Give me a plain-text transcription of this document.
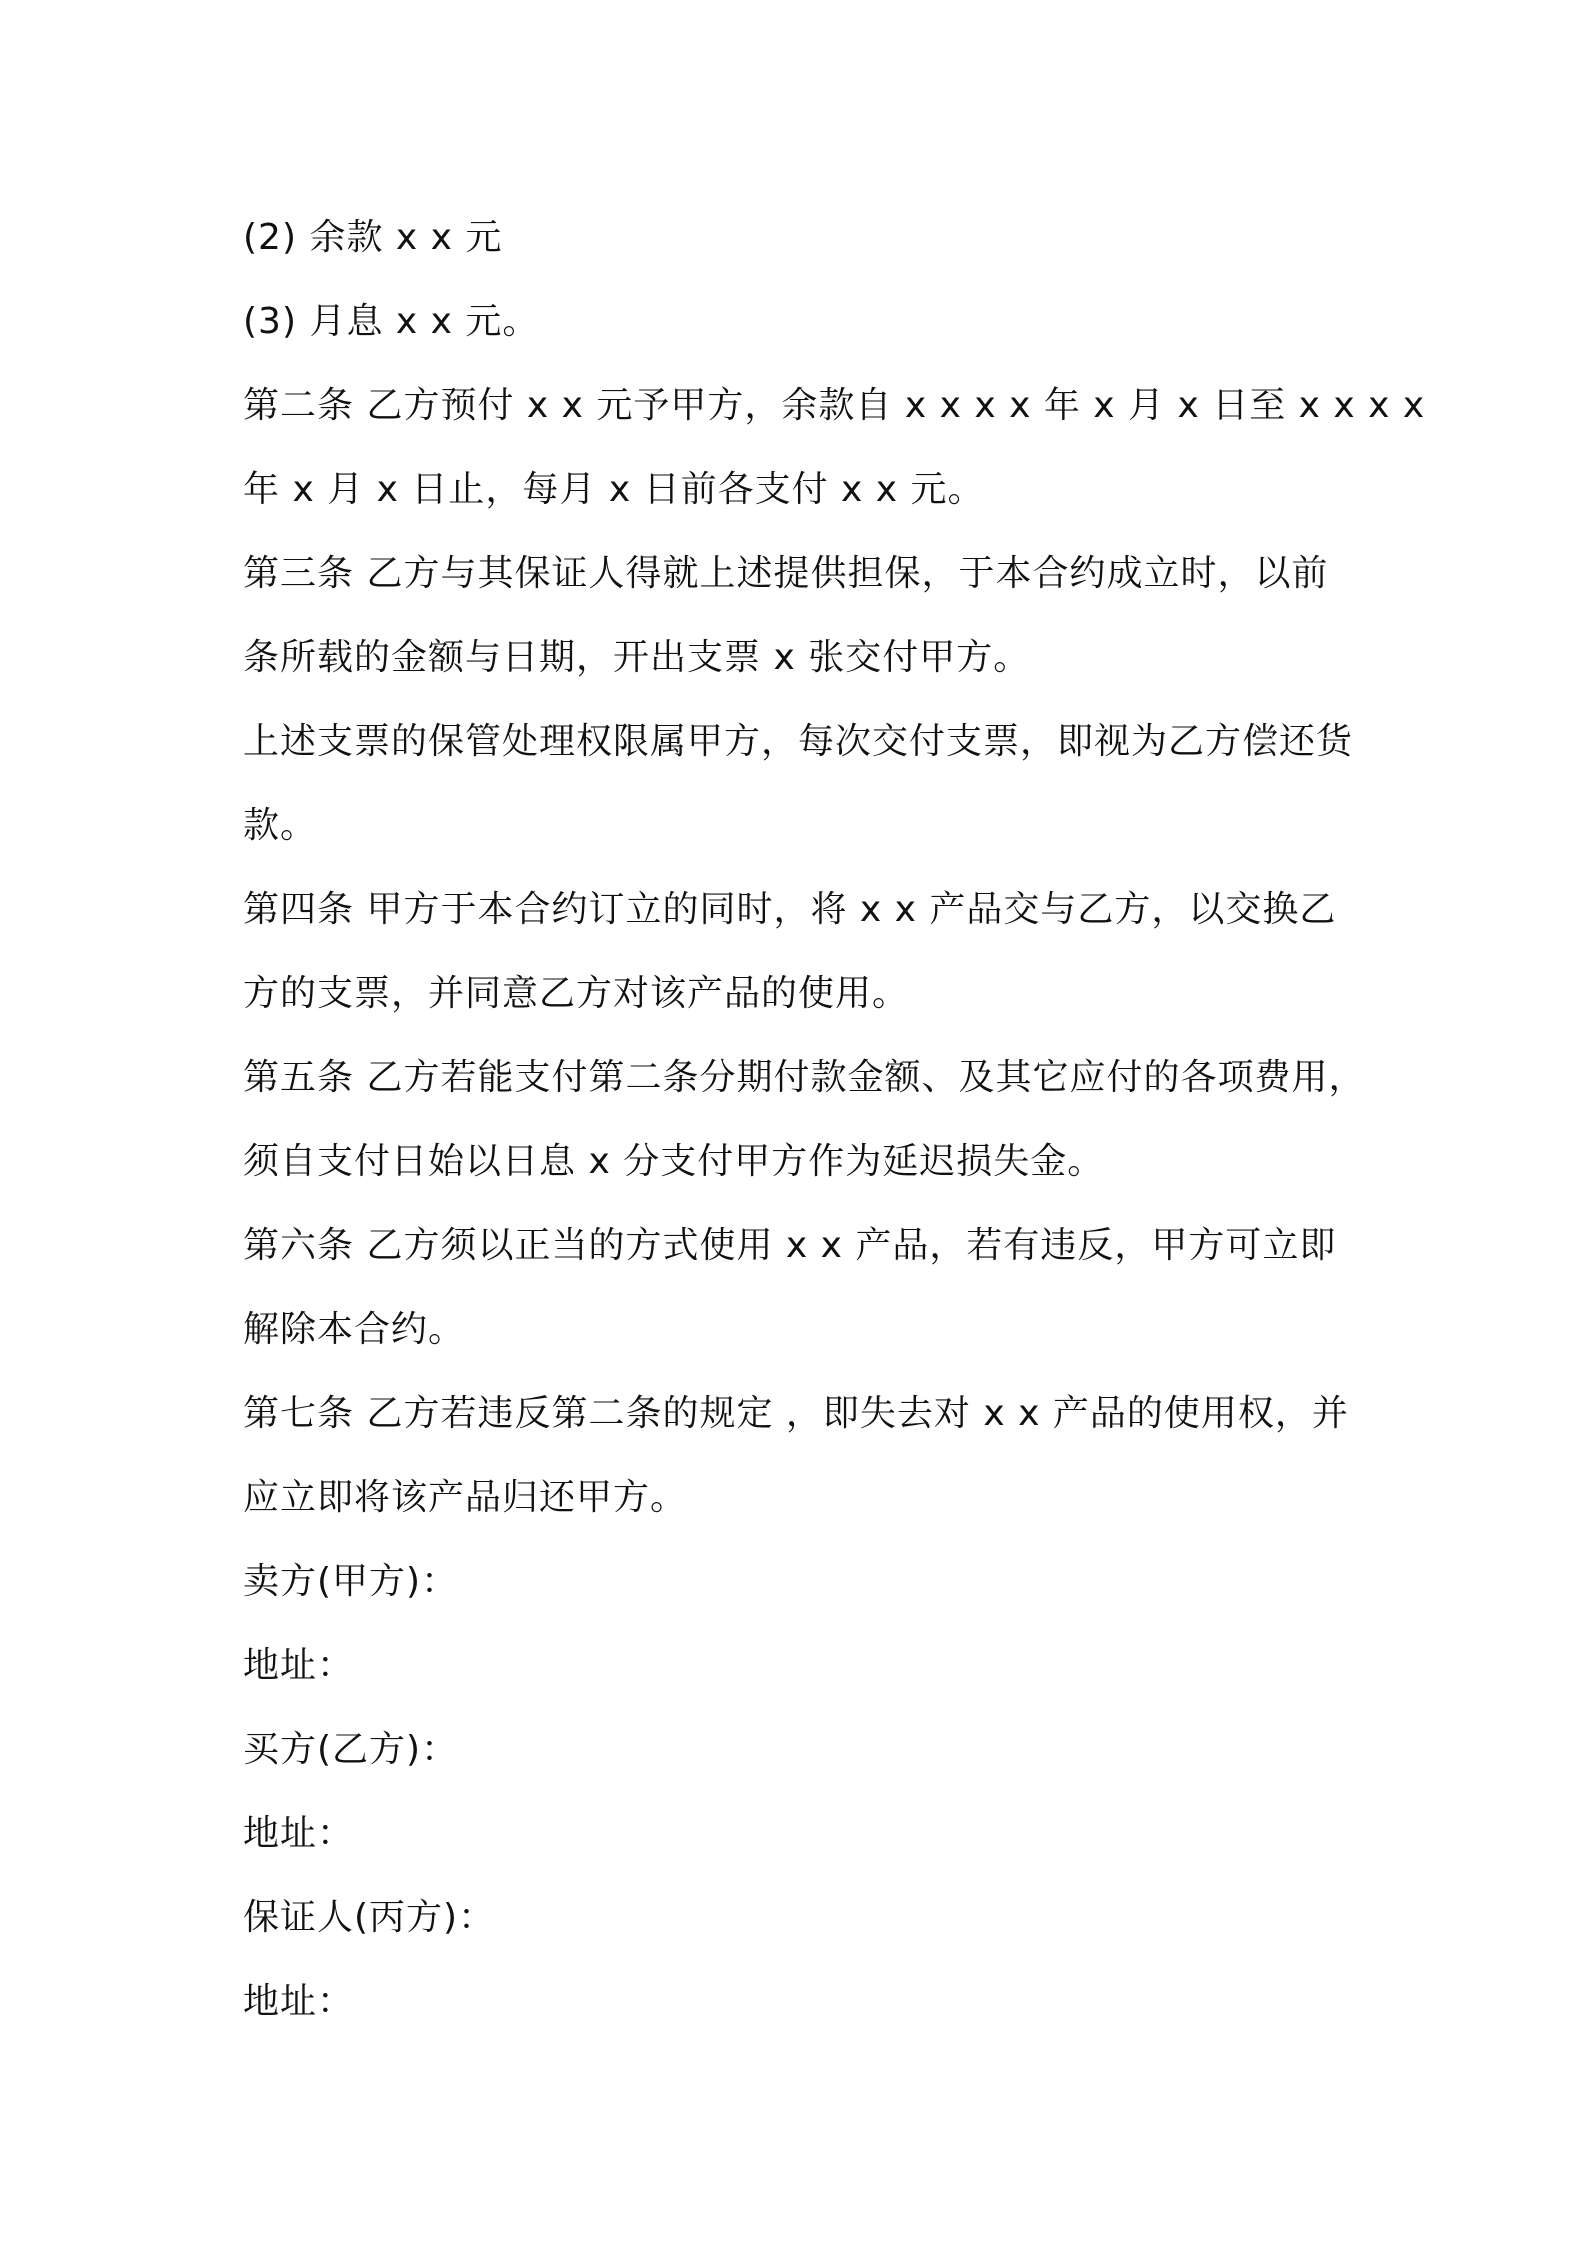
(2) 余款 x x 元
(3) 月息 x x 元。
第二条 乙方预付 x x 元予甲方，余款自 x x x x 年 x 月 x 日至 x x x x
年 x 月 x 日止，每月 x 日前各支付 x x 元。
第三条 乙方与其保证人得就上述提供担保，于本合约成立时，以前
条所载的金额与日期，开出支票 x 张交付甲方。
上述支票的保管处理权限属甲方，每次交付支票，即视为乙方偿还货
款。
第四条 甲方于本合约订立的同时，将 x x 产品交与乙方，以交换乙
方的支票，并同意乙方对该产品的使用。
第五条 乙方若能支付第二条分期付款金额、及其它应付的各项费用，
须自支付日始以日息 x 分支付甲方作为延迟损失金。
第六条 乙方须以正当的方式使用 x x 产品，若有违反，甲方可立即
解除本合约。
第七条 乙方若违反第二条的规定 ，即失去对 x x 产品的使用权，并
应立即将该产品归还甲方。
卖方(甲方)：
地址：
买方(乙方)：
地址：
保证人(丙方)：
地址：
